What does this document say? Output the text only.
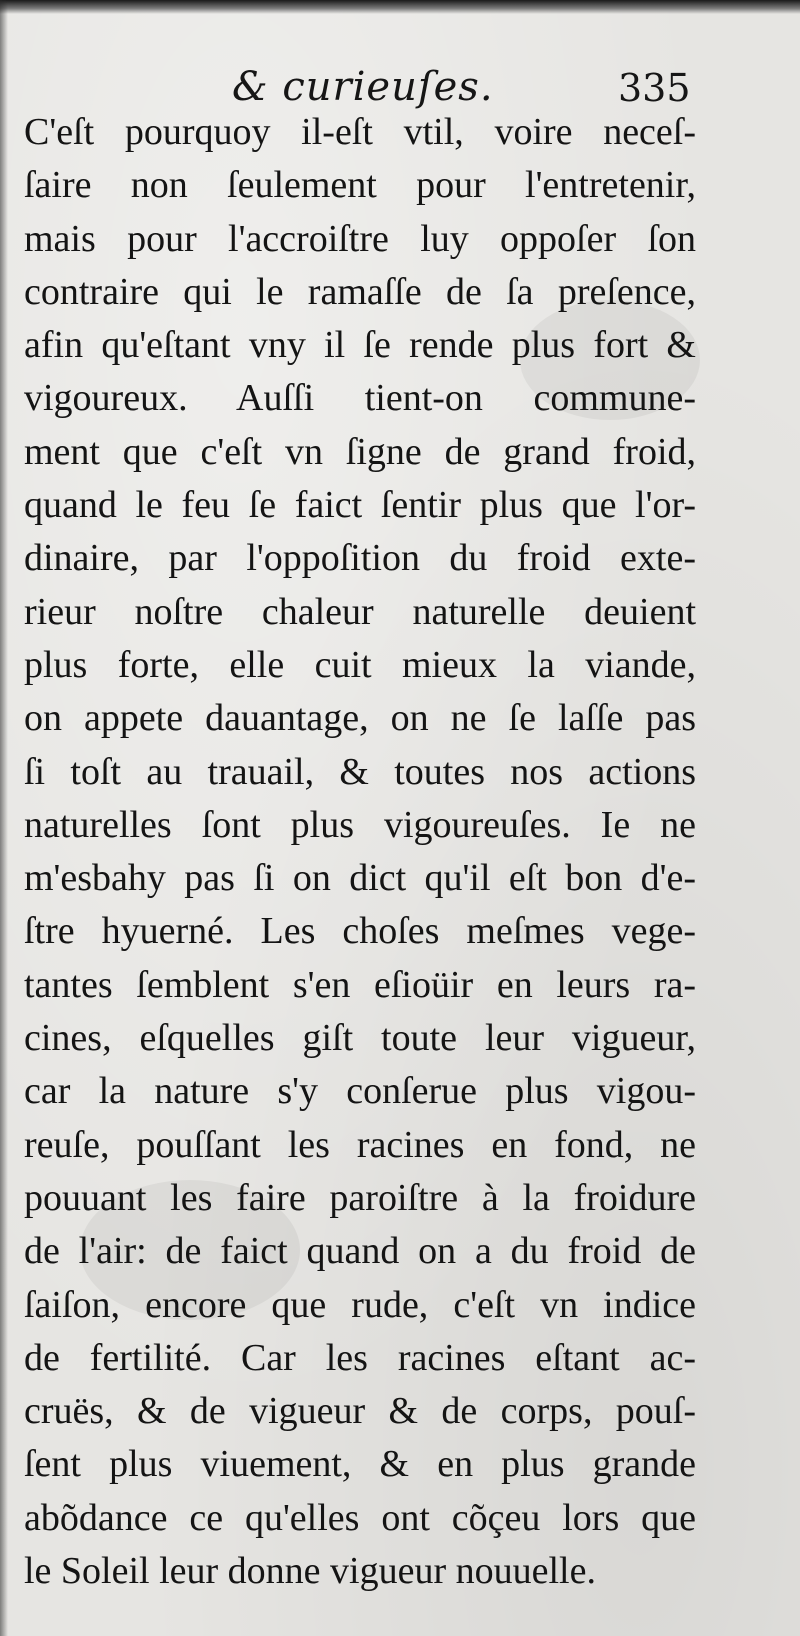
& curieuſes.	335
C'eſt pourquoy il-eſt vtil, voire neceſ-
ſaire non ſeulement pour l'entretenir,
mais pour l'accroiſtre luy oppoſer ſon
contraire qui le ramaſſe de ſa preſence,
afin qu'eſtant vny il ſe rende plus fort &
vigoureux. Auſſi tient-on commune-
ment que c'eſt vn ſigne de grand froid,
quand le feu ſe faict ſentir plus que l'or-
dinaire, par l'oppoſition du froid exte-
rieur noſtre chaleur naturelle deuient
plus forte, elle cuit mieux la viande,
on appete dauantage, on ne ſe laſſe pas
ſi toſt au trauail, & toutes nos actions
naturelles ſont plus vigoureuſes. Ie ne
m'esbahy pas ſi on dict qu'il eſt bon d'e-
ſtre hyuerné. Les choſes meſmes vege-
tantes ſemblent s'en eſioüir en leurs ra-
cines, eſquelles giſt toute leur vigueur,
car la nature s'y conſerue plus vigou-
reuſe, pouſſant les racines en fond, ne
pouuant les faire paroiſtre à la froidure
de l'air: de faict quand on a du froid de
ſaiſon, encore que rude, c'eſt vn indice
de fertilité. Car les racines eſtant ac-
cruës, & de vigueur & de corps, pouſ-
ſent plus viuement, & en plus grande
abõdance ce qu'elles ont cõçeu lors que
le Soleil leur donne vigueur nouuelle.
